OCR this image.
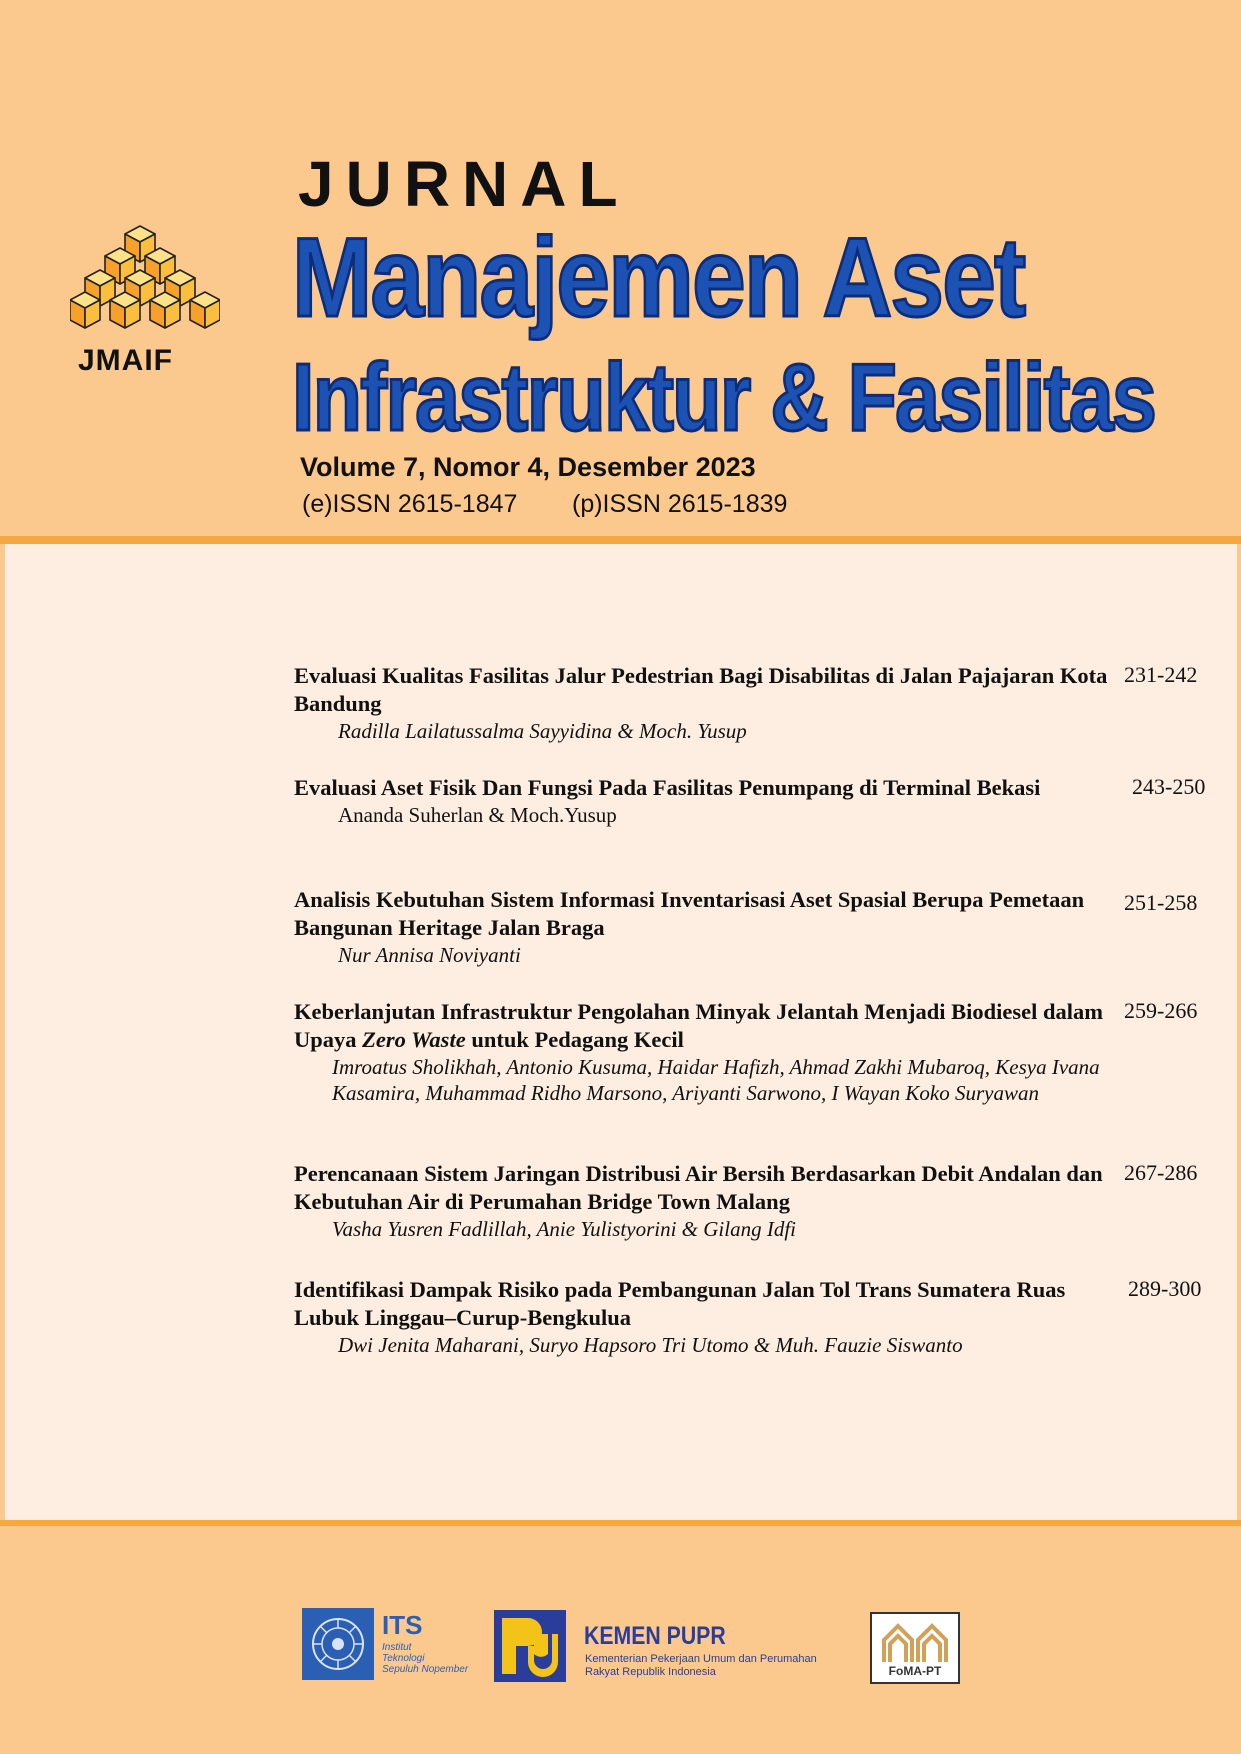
JMAIF
JURNAL
Manajemen Aset
Infrastruktur & Fasilitas
Volume 7, Nomor 4, Desember 2023
(e)ISSN 2615-1847 (p)ISSN 2615-1839

Evaluasi Kualitas Fasilitas Jalur Pedestrian Bagi Disabilitas di Jalan Pajajaran Kota Bandung

Radilla Lailatussalma Sayyidina & Moch. Yusup

231-242

Evaluasi Aset Fisik Dan Fungsi Pada Fasilitas Penumpang di Terminal Bekasi

Ananda Suherlan & Moch.Yusup

243-250

Analisis Kebutuhan Sistem Informasi Inventarisasi Aset Spasial Berupa Pemetaan Bangunan Heritage Jalan Braga

Nur Annisa Noviyanti

251-258

Keberlanjutan Infrastruktur Pengolahan Minyak Jelantah Menjadi Biodiesel dalam Upaya Zero Waste untuk Pedagang Kecil

Imroatus Sholikhah, Antonio Kusuma, Haidar Hafizh, Ahmad Zakhi Mubaroq, Kesya Ivana Kasamira, Muhammad Ridho Marsono, Ariyanti Sarwono, I Wayan Koko Suryawan

259-266

Perencanaan Sistem Jaringan Distribusi Air Bersih Berdasarkan Debit Andalan dan Kebutuhan Air di Perumahan Bridge Town Malang

Vasha Yusren Fadlillah, Anie Yulistyorini & Gilang Idfi

267-286

Identifikasi Dampak Risiko pada Pembangunan Jalan Tol Trans Sumatera Ruas Lubuk Linggau–Curup-Bengkulua

Dwi Jenita Maharani, Suryo Hapsoro Tri Utomo & Muh. Fauzie Siswanto

289-300
ITS
Institut
Teknologi
Sepuluh Nopember
KEMEN PUPR
Kementerian Pekerjaan Umum dan Perumahan Rakyat Republik Indonesia	FoMA-PT
